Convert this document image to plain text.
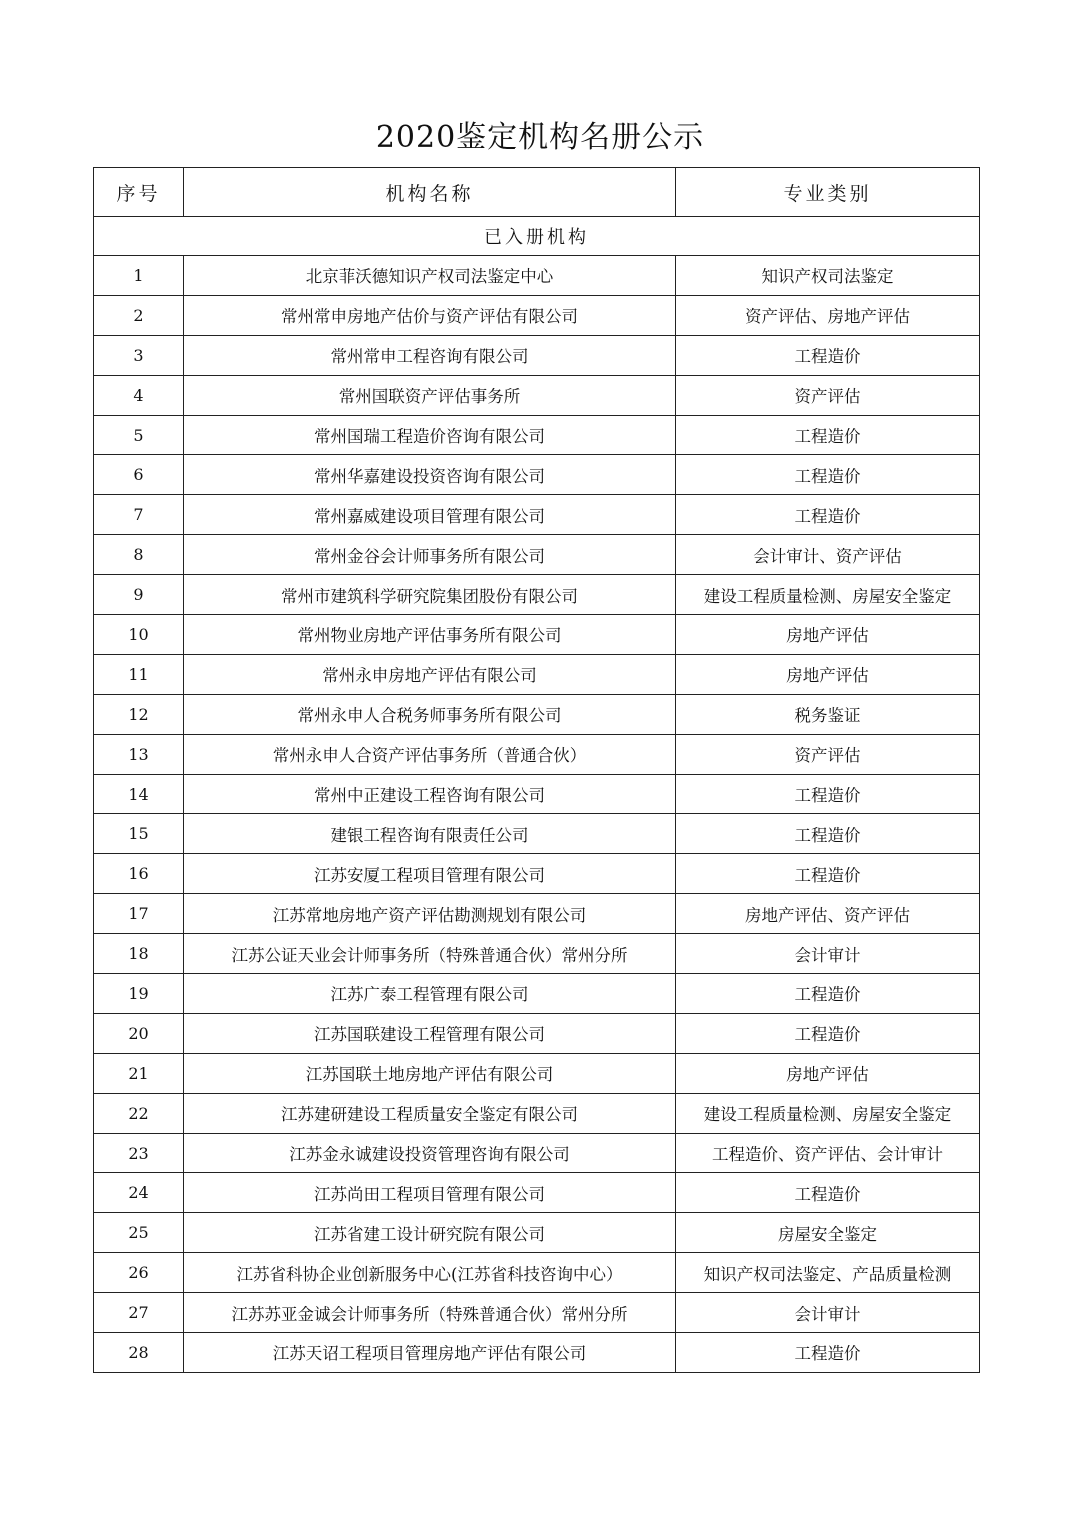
2020鉴定机构名册公示
序号	机构名称	专业类别
已入册机构		
1	北京菲沃德知识产权司法鉴定中心	知识产权司法鉴定
2	常州常申房地产估价与资产评估有限公司	资产评估、房地产评估
3	常州常申工程咨询有限公司	工程造价
4	常州国联资产评估事务所	资产评估
5	常州国瑞工程造价咨询有限公司	工程造价
6	常州华嘉建设投资咨询有限公司	工程造价
7	常州嘉威建设项目管理有限公司	工程造价
8	常州金谷会计师事务所有限公司	会计审计、资产评估
9	常州市建筑科学研究院集团股份有限公司	建设工程质量检测、房屋安全鉴定
10	常州物业房地产评估事务所有限公司	房地产评估
11	常州永申房地产评估有限公司	房地产评估
12	常州永申人合税务师事务所有限公司	税务鉴证
13	常州永申人合资产评估事务所（普通合伙）	资产评估
14	常州中正建设工程咨询有限公司	工程造价
15	建银工程咨询有限责任公司	工程造价
16	江苏安厦工程项目管理有限公司	工程造价
17	江苏常地房地产资产评估勘测规划有限公司	房地产评估、资产评估
18	江苏公证天业会计师事务所（特殊普通合伙）常州分所	会计审计
19	江苏广泰工程管理有限公司	工程造价
20	江苏国联建设工程管理有限公司	工程造价
21	江苏国联土地房地产评估有限公司	房地产评估
22	江苏建研建设工程质量安全鉴定有限公司	建设工程质量检测、房屋安全鉴定
23	江苏金永诚建设投资管理咨询有限公司	工程造价、资产评估、会计审计
24	江苏尚田工程项目管理有限公司	工程造价
25	江苏省建工设计研究院有限公司	房屋安全鉴定
26	江苏省科协企业创新服务中心(江苏省科技咨询中心）	知识产权司法鉴定、产品质量检测
27	江苏苏亚金诚会计师事务所（特殊普通合伙）常州分所	会计审计
28	江苏天诏工程项目管理房地产评估有限公司	工程造价
